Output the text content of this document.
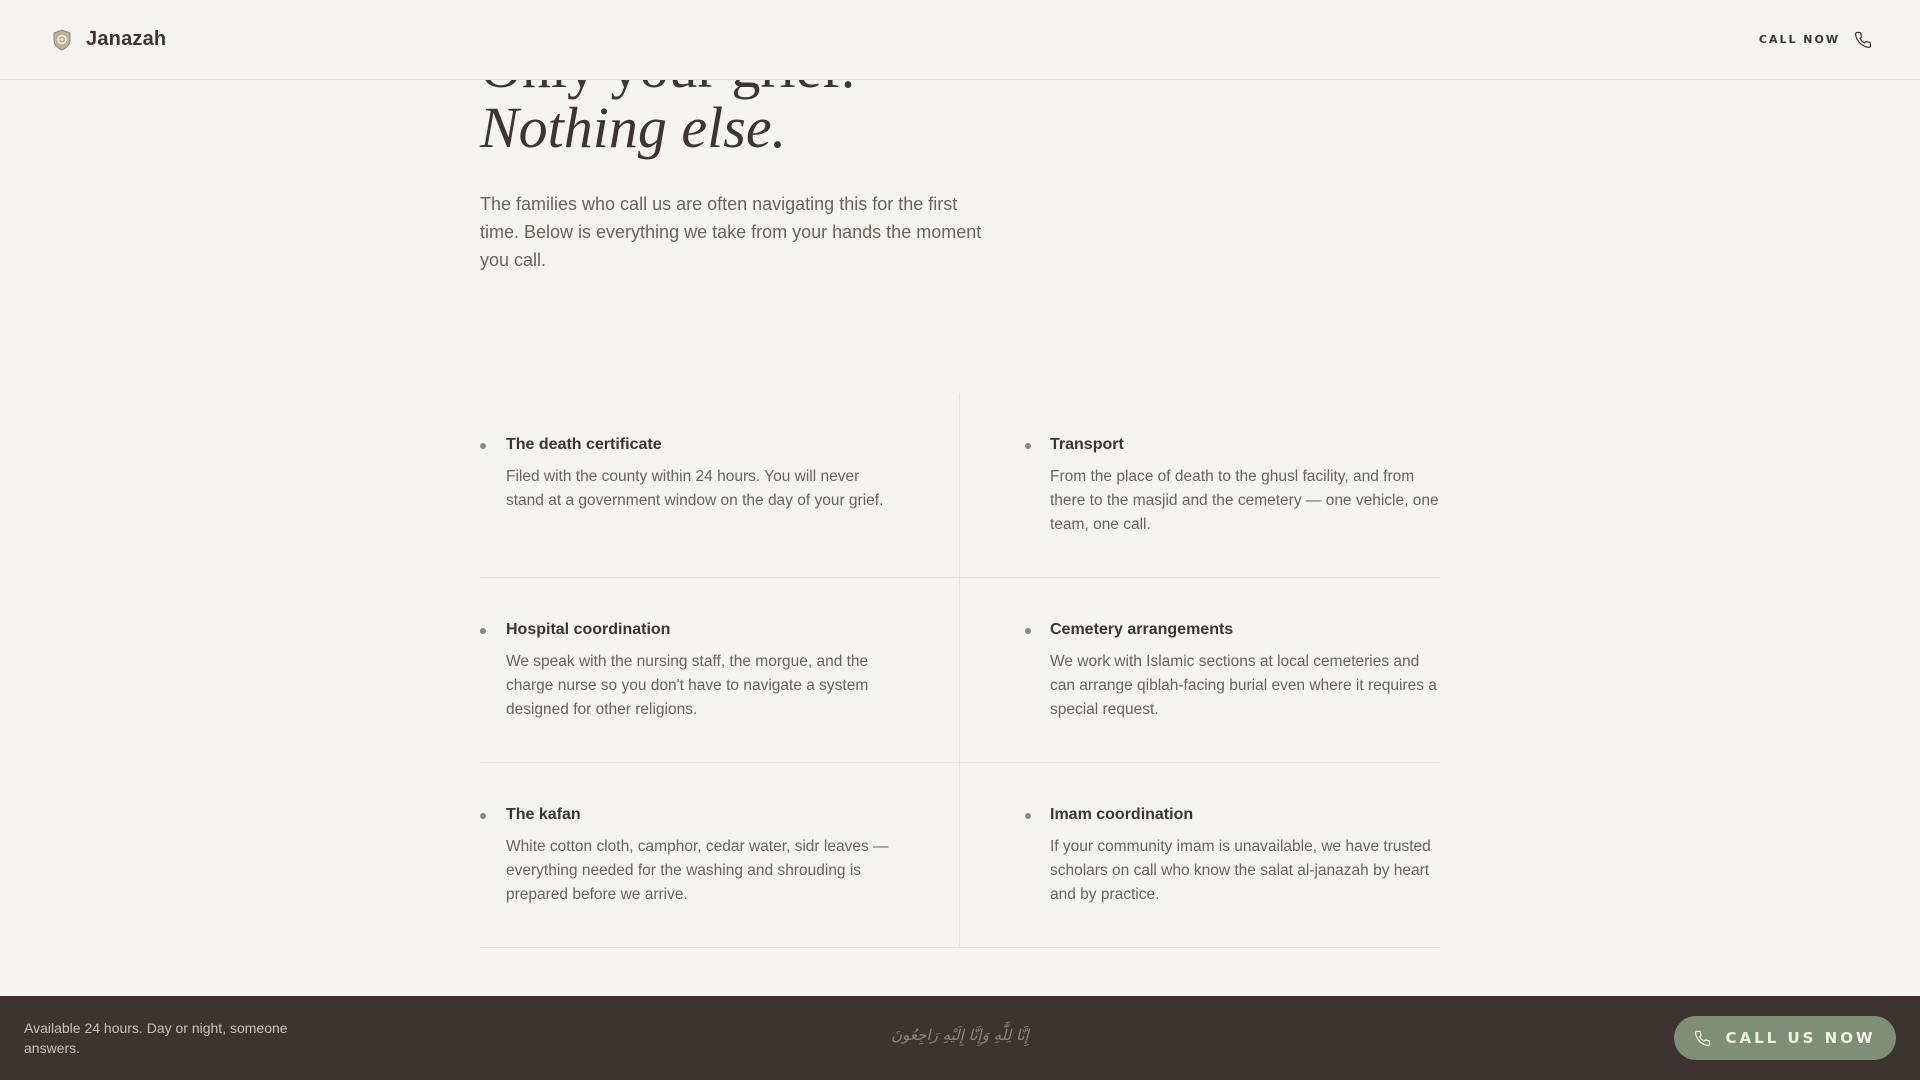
Janazah	CALL NOW
Nothing else.

The families who call us are often navigating this for the first time. Below is everything we take from your hands the moment you call.

The death certificate

Filed with the county within 24 hours. You will never stand at a government window on the day of your grief.

Transport

From the place of death to the ghusl facility, and from there to the masjid and the cemetery — one vehicle, one team, one call.

Hospital coordination

We speak with the nursing staff, the morgue, and the charge nurse so you don't have to navigate a system designed for other religions.

Cemetery arrangements

We work with Islamic sections at local cemeteries and can arrange qiblah-facing burial even where it requires a special request.

The kafan

White cotton cloth, camphor, cedar water, sidr leaves — everything needed for the washing and shrouding is prepared before we arrive.

Imam coordination

If your community imam is unavailable, we have trusted scholars on call who know the salat al-janazah by heart and by practice.

Available 24 hours. Day or night, someone answers.

إِنَّا لِلَّٰهِ وَإِنَّا إِلَيْهِ رَاجِعُونَ	CALL US NOW
